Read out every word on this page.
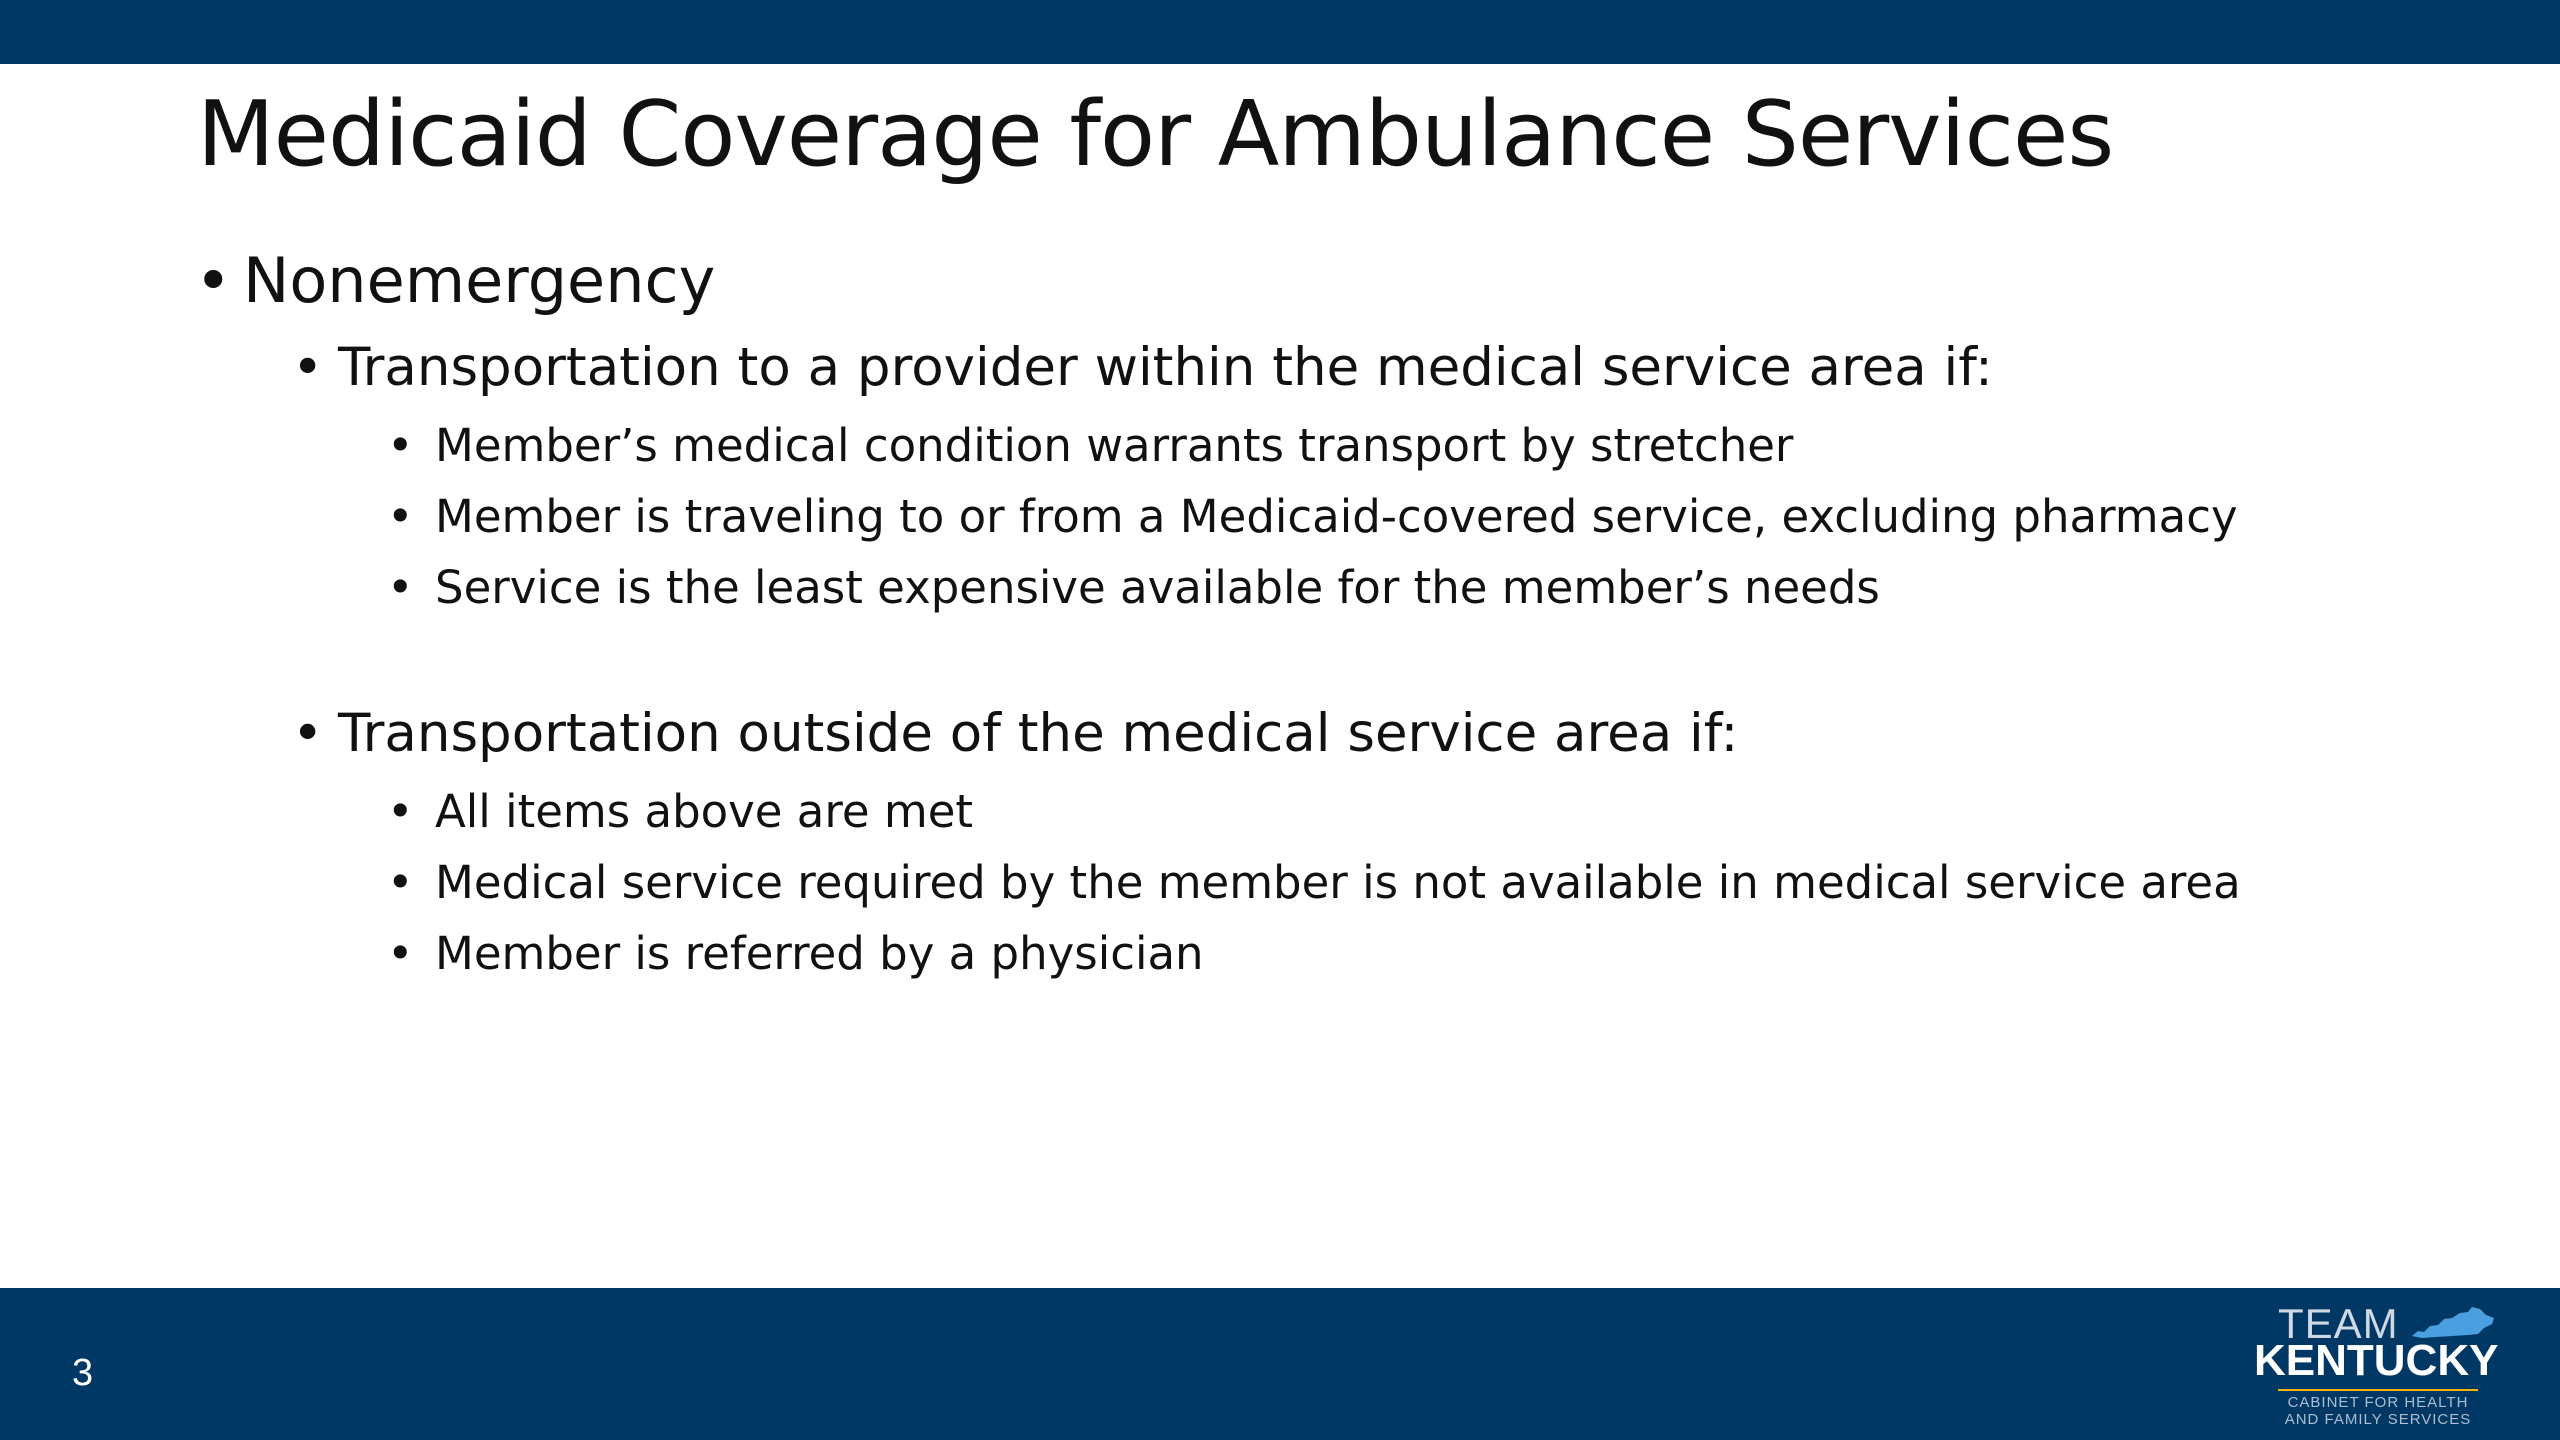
Medicaid Coverage for Ambulance Services
• Nonemergency
• Transportation to a provider within the medical service area if:
• Member’s medical condition warrants transport by stretcher
• Member is traveling to or from a Medicaid-covered service, excluding pharmacy
• Service is the least expensive available for the member’s needs
• Transportation outside of the medical service area if:
• All items above are met
• Medical service required by the member is not available in medical service area
• Member is referred by a physician
3
TEAM
KENTUCKY
CABINET FOR HEALTH
AND FAMILY SERVICES
